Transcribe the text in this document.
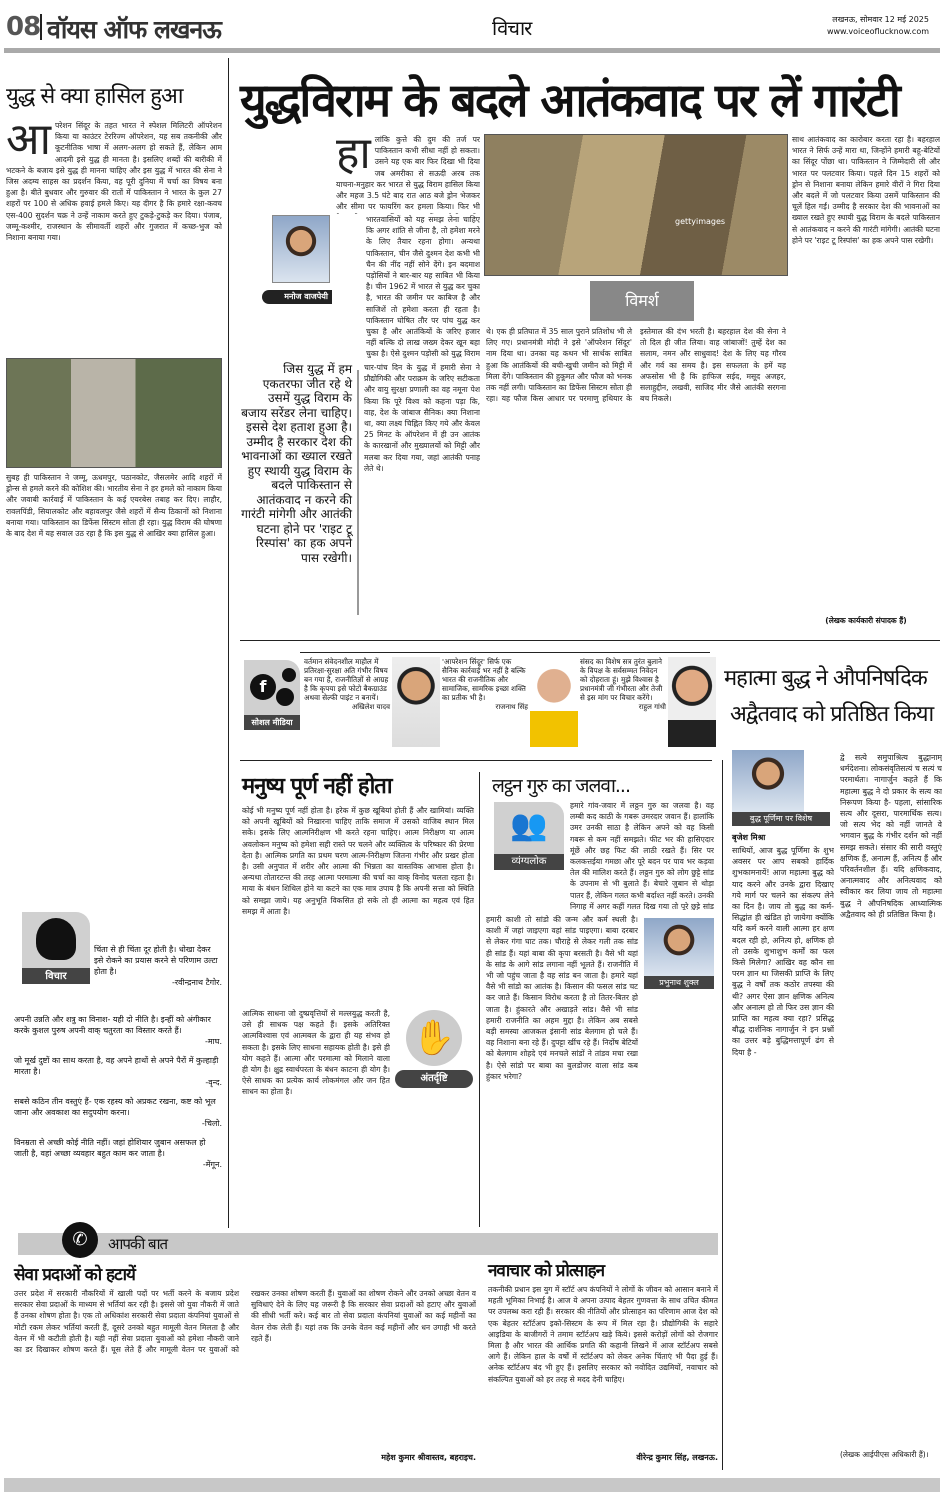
08 वॉयस ऑफ लखनऊ	विचार	लखनऊ, सोमवार 12 मई 2025
www.voiceoflucknow.com
युद्ध से क्या हासिल हुआ

आपरेशन सिंदूर के तहत भारत ने स्पेशल मिलिटरी ऑपरेशन किया या काउंटर टेररिज्म ऑपरेशन, यह सब तकनीकी और कूटनीतिक भाषा में अलग-अलग हो सकते हैं, लेकिन आम आदमी इसे युद्ध ही मानता है। इसलिए शब्दों की बारीकी में भटकने के बजाय इसे युद्ध ही मानना चाहिए और इस युद्ध में भारत की सेना ने जिस अदम्य साहस का प्रदर्शन किया, वह पूरी दुनिया में चर्चा का विषय बना हुआ है। बीते बुधवार और गुरुवार की रातों में पाकिस्तान ने भारत के कुल 27 शहरों पर 100 से अधिक हवाई हमले किए। यह दीगर है कि हमारे रक्षा-कवच एस-400 सुदर्शन चक्र ने उन्हें नाकाम करते हुए टुकड़े-टुकड़े कर दिया। पंजाब, जम्मू-कश्मीर, राजस्थान के सीमावर्ती शहरों और गुजरात में कच्छ-भुज को निशाना बनाया गया।

सुबह ही पाकिस्तान ने जम्मू, ऊधमपुर, पठानकोट, जैसलमेर आदि शहरों में ड्रोन्स से हमले करने की कोशिश की। भारतीय सेना ने हर हमले को नाकाम किया और जवाबी कार्रवाई में पाकिस्तान के कई एयरबेस तबाह कर दिए। लाहौर, रावलपिंडी, सियालकोट और बहावलपुर जैसे शहरों में सैन्य ठिकानों को निशाना बनाया गया। पाकिस्तान का डिफेंस सिस्टम सोता ही रहा। युद्ध विराम की घोषणा के बाद देश में यह सवाल उठ रहा है कि इस युद्ध से आखिर क्या हासिल हुआ।

विचार
चिंता से ही चिंता दूर होती है। धोखा देकर इसे रोकने का प्रयास करने से परिणाम उल्टा होता है।
-रवीन्द्रनाथ टैगोर.
अपनी उन्नति और शत्रु का विनाश- यही दो नीति है। इन्हीं को अंगीकार करके कुशल पुरुष अपनी वाक् चतुरता का विस्तार करते हैं।
-माघ.
जो मूर्ख दुष्टों का साथ करता है, वह अपने हाथों से अपने पैरों में कुल्हाड़ी मारता है।
-वृन्द.
सबसे कठिन तीन वस्तुएं हैं- एक रहस्य को अप्रकट रखना, कष्ट को भूल जाना और अवकाश का सदुपयोग करना।
-चिलो.
विनम्रता से अच्छी कोई नीति नहीं। जहां होशियार जुबान असफल हो जाती है, वहां अच्छा व्यवहार बहुत काम कर जाता है।
-मेंगून.
✆	आपकी बात
युद्धविराम के बदले आतंकवाद पर लें गारंटी

हालांकि कुत्ते की दुम की तर्ज पर पाकिस्तान कभी सीधा नहीं हो सकता। उसने यह एक बार फिर दिखा भी दिया जब अमरीका से सऊदी अरब तक याचना-मनुहार कर भारत से युद्ध विराम हासिल किया और महज 3.5 घंटे बाद रात आठ बजे ड्रोन भेजकर और सीमा पर फायरिंग कर हमला किया। फिर भी

मनोज वाजपेयी

भारतवासियों को यह समझ लेना चाहिए कि अगर शांति से जीना है, तो हमेशा मरने के लिए तैयार रहना होगा। अन्यथा पाकिस्तान, चीन जैसे दुश्मन देश कभी भी चैन की नींद नहीं सोने देंगे। इन बदमाश पड़ोसियों ने बार-बार यह साबित भी किया है। चीन 1962 में भारत से युद्ध कर चुका है, भारत की जमीन पर काबिज है और साजिशें तो हमेशा करता ही रहता है। पाकिस्तान घोषित तौर पर पांच युद्ध कर चुका है और आतंकियों के जरिए हजार नहीं बल्कि दो लाख जख्म देकर खून बहा चुका है। ऐसे दुश्मन पड़ोसी को युद्ध विराम

जिस युद्ध में हम एकतरफा जीत रहे थे उसमें युद्ध विराम के बजाय सरेंडर लेना चाहिए। इससे देश हताश हुआ है। उम्मीद है सरकार देश की भावनाओं का ख्याल रखते हुए स्थायी युद्ध विराम के बदले पाकिस्तान से आतंकवाद न करने की गारंटी मांगेगी और आतंकी घटना होने पर 'राइट टू रिस्पांस' का हक अपने पास रखेगी।

चार-पांच दिन के युद्ध में हमारी सेना ने प्रौद्योगिकी और पराक्रम के जरिए सटीकता और वायु सुरक्षा प्रणाली का वह नमूना पेश किया कि पूरे विश्व को कहना पड़ा कि, वाह, देश के जांबाज सैनिक। क्या निशाना था, क्या लक्ष्य चिह्नित किए गये और केवल 25 मिनट के ऑपरेशन में ही उन आतंक के कारखानों और मुख्यालयों को मिट्टी और मलबा कर दिया गया, जहां आतंकी पनाह लेते थे।

gettyimages
विमर्श

थे। एक ही प्रतिघात में 35 साल पुराने प्रतिशोध भी ले लिए गए। प्रधानमंत्री मोदी ने इसे 'ऑपरेशन सिंदूर' नाम दिया था। उनका यह कथन भी सार्थक साबित हुआ कि आतंकियों की बची-खुची जमीन को मिट्टी में मिला देंगे। पाकिस्तान की हुकूमत और फौज को भनक तक नहीं लगी। पाकिस्तान का डिफेंस सिस्टम सोता ही रहा। यह फौज किस आधार पर परमाणु हथियार के इस्तेमाल की दंभ भरती है। बहरहाल देश की सेना ने तो दिल ही जीत लिया। वाह जांबाजों! तुम्हें देश का सलाम, नमन और साधुवाद! देश के लिए यह गौरव और गर्व का समय है। इस सफलता के हमें यह अफसोस भी है कि हाफिज सईद, मसूद अजहर, सलाहुद्दीन, लखवी, साजिद मीर जैसे आतंकी सरगना बच निकले।

साथ आतंकवाद का कारोबार करता रहा है। बहरहाल भारत ने सिर्फ उन्हें मारा था, जिन्होंने हमारी बहू-बेटियों का सिंदूर पोंछा था। पाकिस्तान ने जिम्मेदारी ली और भारत पर पलटवार किया। पहले दिन 15 शहरों को ड्रोन से निशाना बनाया लेकिन हमारे वीरों ने गिरा दिया और बदले में जो पलटवार किया उसमें पाकिस्तान की चूलें हिल गईं। उम्मीद है सरकार देश की भावनाओं का ख्याल रखते हुए स्थायी युद्ध विराम के बदले पाकिस्तान से आतंकवाद न करने की गारंटी मांगेगी। आतंकी घटना होने पर 'राइट टू रिस्पांस' का हक अपने पास रखेगी।

(लेखक कार्यकारी संपादक हैं)
f
सोशल मीडिया
वर्तमान संवेदनशील माहौल में प्रतिरक्षा-सुरक्षा अति गंभीर विषय बन गया है, राजनीतिज्ञों से आग्रह है कि कृपया इसे फोटो बैकग्राउंड अथवा सेल्फी पाइंट न बनायें।
अखिलेश यादव
'आपरेशन सिंदूर' सिर्फ एक सैनिक कार्रवाई भर नहीं है बल्कि भारत की राजनीतिक और सामाजिक, सामरिक इच्छा शक्ति का प्रतीक भी है।
राजनाथ सिंह
संसद का विशेष सत्र तुरंत बुलाने के विपक्ष के सर्वसम्मत निवेदन को दोहराता हूं। मुझे विश्वास है प्रधानमंत्री जी गंभीरता और तेजी से इस मांग पर विचार करेंगे।
राहुल गांधी
महात्मा बुद्ध ने औपनिषदिक
अद्वैतवाद को प्रतिष्ठित किया
बुद्ध पूर्णिमा पर विशेष
बृजेश मिश्रा

साथियों, आज बुद्ध पूर्णिमा के शुभ अवसर पर आप सबको हार्दिक शुभकामनायें! आज महात्मा बुद्ध को याद करने और उनके द्वारा दिखाए गये मार्ग पर चलने का संकल्प लेने का दिन है। जाय तो बुद्ध का कर्म-सिद्धांत ही खंडित हो जायेगा क्योंकि यदि कर्म करने वाली आत्मा हर क्षण बदल रही हो, अनित्य हो, क्षणिक हो तो उसके शुभाशुभ कर्मों का फल किसे मिलेगा? आखिर वह कौन सा परम ज्ञान था जिसकी प्राप्ति के लिए बुद्ध ने वर्षों तक कठोर तपस्या की थी? अगर ऐसा ज्ञान क्षणिक अनित्य और अनात्म हो तो फिर उस ज्ञान की प्राप्ति का महत्व क्या रहा? प्रसिद्ध बौद्ध दार्शनिक नागार्जुन ने इन प्रश्नों का उत्तर बड़े बुद्धिमत्तापूर्ण ढंग से दिया है -

द्वे सत्ये समुपाश्रित्य बुद्धानाम् धर्मदेशना। लोकसंवृतिसत्यं च सत्यं च परमार्थतः। नागार्जुन कहते हैं कि महात्मा बुद्ध ने दो प्रकार के सत्य का निरूपण किया है- पहला, सांसारिक सत्य और दूसरा, पारमार्थिक सत्य। जो सत्य भेद को नहीं जानते वे भगवान बुद्ध के गंभीर दर्शन को नहीं समझ सकते। संसार की सारी वस्तुएं क्षणिक हैं, अनात्म हैं, अनित्य हैं और परिवर्तनशील हैं। यदि क्षणिकवाद, अनात्मवाद और अनित्यवाद को स्वीकार कर लिया जाय तो महात्मा बुद्ध ने औपनिषदिक आध्यात्मिक अद्वैतवाद को ही प्रतिष्ठित किया है।

(लेखक आईपीएस अधिकारी हैं)।
मनुष्य पूर्ण नहीं होता

कोई भी मनुष्य पूर्ण नहीं होता है। हरेक में कुछ खूबियां होती हैं और खामियां। व्यक्ति को अपनी खूबियों को निखारना चाहिए ताकि समाज में उसको वाजिब स्थान मिल सके। इसके लिए आत्मनिरीक्षण भी करते रहना चाहिए। आत्म निरीक्षण या आत्म अवलोकन मनुष्य को हमेशा सही रास्ते पर चलने और व्यक्तित्व के परिष्कार की प्रेरणा देता है। आत्मिक प्रगति का प्रथम चरण आत्म-निरीक्षण जितना गंभीर और प्रखर होता है। उसी अनुपात में शरीर और आत्मा की भिन्नता का वास्तविक आभास होता है। अन्यथा तोतारटन्त की तरह आत्मा परमात्मा की चर्चा का वाक् विनोद चलता रहता है। माया के बंधन शिथिल होने या कटने का एक मात्र उपाय है कि अपनी सत्ता को स्थिति को समझा जाये। यह अनुभूति विकसित हो सके तो ही आत्मा का महत्व एवं हित समझ में आता है।

✋
अंतर्दृष्टि

आत्मिक साधना जो दुष्प्रवृत्तियों से मल्लयुद्ध करती है, उसे ही साधक पक्ष कहते हैं। इसके अतिरिक्त आत्मविश्वास एवं आत्मबल के द्वारा ही यह संभव हो सकता है। इसके लिए साधना सहायक होती है। इसे ही योग कहते हैं। आत्मा और परमात्मा को मिलाने वाला ही योग है। क्षुद्र स्वार्थपरता के बंधन काटना ही योग है। ऐसे साधक का प्रत्येक कार्य लोकमंगल और जन हित साधन का होता है।

लट्ठन गुरु का जलवा...
👥
व्यंग्यलोक

हमारे गांव-जवार में लठ्ठन गुरु का जलवा है। वह लम्बी कद काठी के गबरू उमरदार जवान हैं। हालांकि उमर उनकी साठा है लेकिन अपने को वह किसी गबरू से कम नहीं समझते। फीट भर की हासिएदार मूंछें और छह फिट की लाठी रखते हैं। सिर पर कलकत्तईया गमछा और पूरे बदन पर पाव भर कड़वा तेल की मालिश करते हैं। लठ्ठन गुरु को लोग छुट्टे सांड के उपनाम से भी बुलाते हैं। बेचारे जुबान से थोड़ा पातर हैं, लेकिन गलत कभी बर्दाश्त नहीं करते। उनकी निगाह में अगर कहीं गलत दिख गया तो पूरे छुट्टे सांड

प्रभुनाथ शुक्ल

हमारी काशी तो सांडो की जन्म और कर्म स्थली है। काशी में जहां जाइएगा वहां सांड पाइएगा। बाबा दरबार से लेकर गंगा घाट तक। चौराहे से लेकर गली तक सांड ही सांड हैं। यहां बाबा की कृपा बरसती है। वैसे भी यहां के सांड के आगे सांड लगाना नहीं भूलते हैं। राजनीति में भी जो पहुंच जाता है वह सांड बन जाता है। हमारे यहां वैसे भी सांडो का आतंक है। किसान की फसल सांड चट कर जाते हैं। किसान विरोध करता है तो तितर-बितर हो जाता है। हुंकारते और अखाड़ते सांड। वैसे भी सांड हमारी राजनीति का अहम मुद्दा है। लेकिन अब सबसे बड़ी समस्या आजकल इंसानी सांड बेलगाम हो चले हैं। वह निशाना बना रहे हैं। दुपट्टा खींच रहे हैं। निर्दोष बेटियों को बेलगाम शोहदे एवं मनचले सांडों ने तांडव मचा रखा है। ऐसे सांडो पर बाबा का बुलडोजर वाला सांड कब हुंकार भरेगा?

सेवा प्रदाओं को हटायें

उत्तर प्रदेश में सरकारी नौकरियों में खाली पदों पर भर्ती करने के बजाय प्रदेश सरकार सेवा प्रदाओं के माध्यम से भर्तियां कर रही है। इससे जो युवा नौकरी में जाते हैं उनका शोषण होता है। एक तो अधिकांश सरकारी सेवा प्रदाता कंपनियां युवाओं से मोटी रकम लेकर भर्तियां करती हैं, दूसरे उनको बहुत मामूली वेतन मिलता है और वेतन में भी कटौती होती है। यही नहीं सेवा प्रदाता युवाओं को हमेशा नौकरी जाने का डर दिखाकर शोषण करते हैं। घूस लेते हैं और मामूली वेतन पर युवाओं को रखकर उनका शोषण करती हैं। युवाओं का शोषण रोकने और उनको अच्छा वेतन व सुविधाएं देने के लिए यह जरूरी है कि सरकार सेवा प्रदाओं को हटाए और युवाओं की सीधी भर्ती करे। कई बार तो सेवा प्रदाता कंपनियां युवाओं का कई महीनों का वेतन रोक लेती हैं। यहां तक कि उनके वेतन कई महीनों और धन उगाही भी करते रहते हैं।

महेश कुमार श्रीवास्तव, बहराइच.
नवाचार को प्रोत्साहन

तकनीकी प्रधान इस युग में स्टॉर्ट अप कंपनियों ने लोगों के जीवन को आसान बनाने में महती भूमिका निभाई है। आज ये अपना उत्पाद बेहतर गुणवत्ता के साथ उचित कीमत पर उपलब्ध करा रही हैं। सरकार की नीतियों और प्रोत्साहन का परिणाम आज देश को एक बेहतर स्टॉर्टअप इको-सिस्टम के रूप में मिल रहा है। प्रौद्योगिकी के सहारे आइडिया के बाजीगरों ने तमाम स्टॉर्टअप खड़े किये। इससे करोड़ों लोगों को रोजगार मिला है और भारत की आर्थिक प्रगति की कहानी लिखने में आज स्टॉर्टअप सबसे आगे हैं। लेकिन हाल के वर्षों में स्टॉर्टअप को लेकर अनेक चिंताएं भी पैदा हुई हैं। अनेक स्टॉर्टअप बंद भी हुए हैं। इसलिए सरकार को नवोदित उद्यमियों, नवाचार को संकल्पित युवाओं को हर तरह से मदद देनी चाहिए।

वीरेन्द्र कुमार सिंह, लखनऊ.
